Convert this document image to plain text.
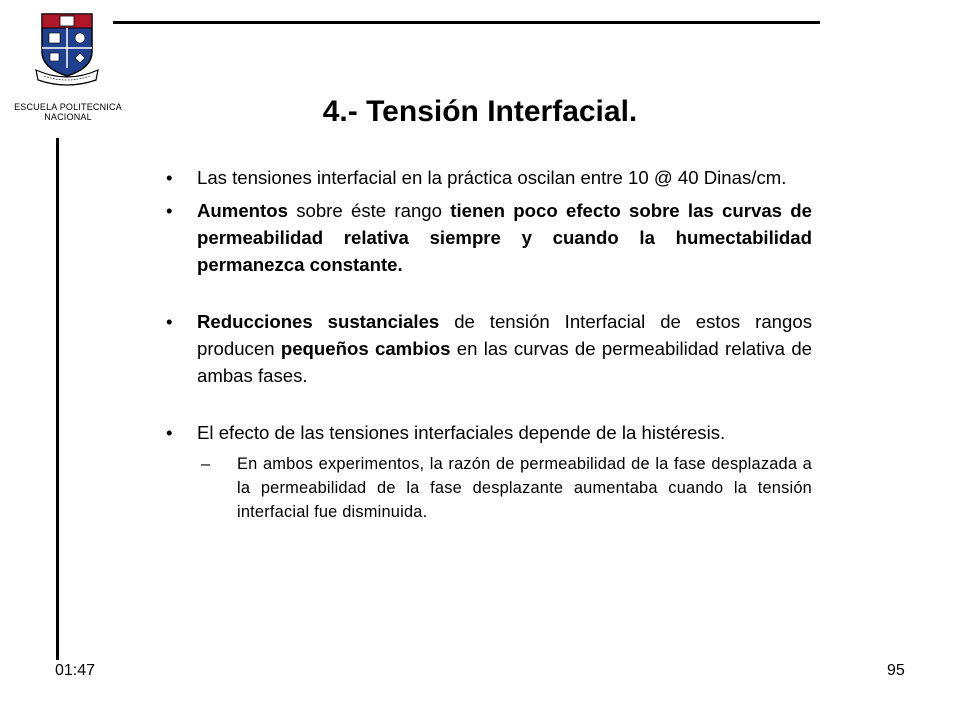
ESCUELA POLITECNICA
NACIONAL	4.- Tensión Interfacial.
• Las tensiones interfacial en la práctica oscilan entre 10 @ 40 Dinas/cm.
• Aumentos sobre éste rango tienen poco efecto sobre las curvas de permeabilidad relativa siempre y cuando la humectabilidad permanezca constante.
• Reducciones sustanciales de tensión Interfacial de estos rangos producen pequeños cambios en las curvas de permeabilidad relativa de ambas fases.
• El efecto de las tensiones interfaciales depende de la histéresis.
– En ambos experimentos, la razón de permeabilidad de la fase desplazada a la permeabilidad de la fase desplazante aumentaba cuando la tensión interfacial fue disminuida.
01:47	95
